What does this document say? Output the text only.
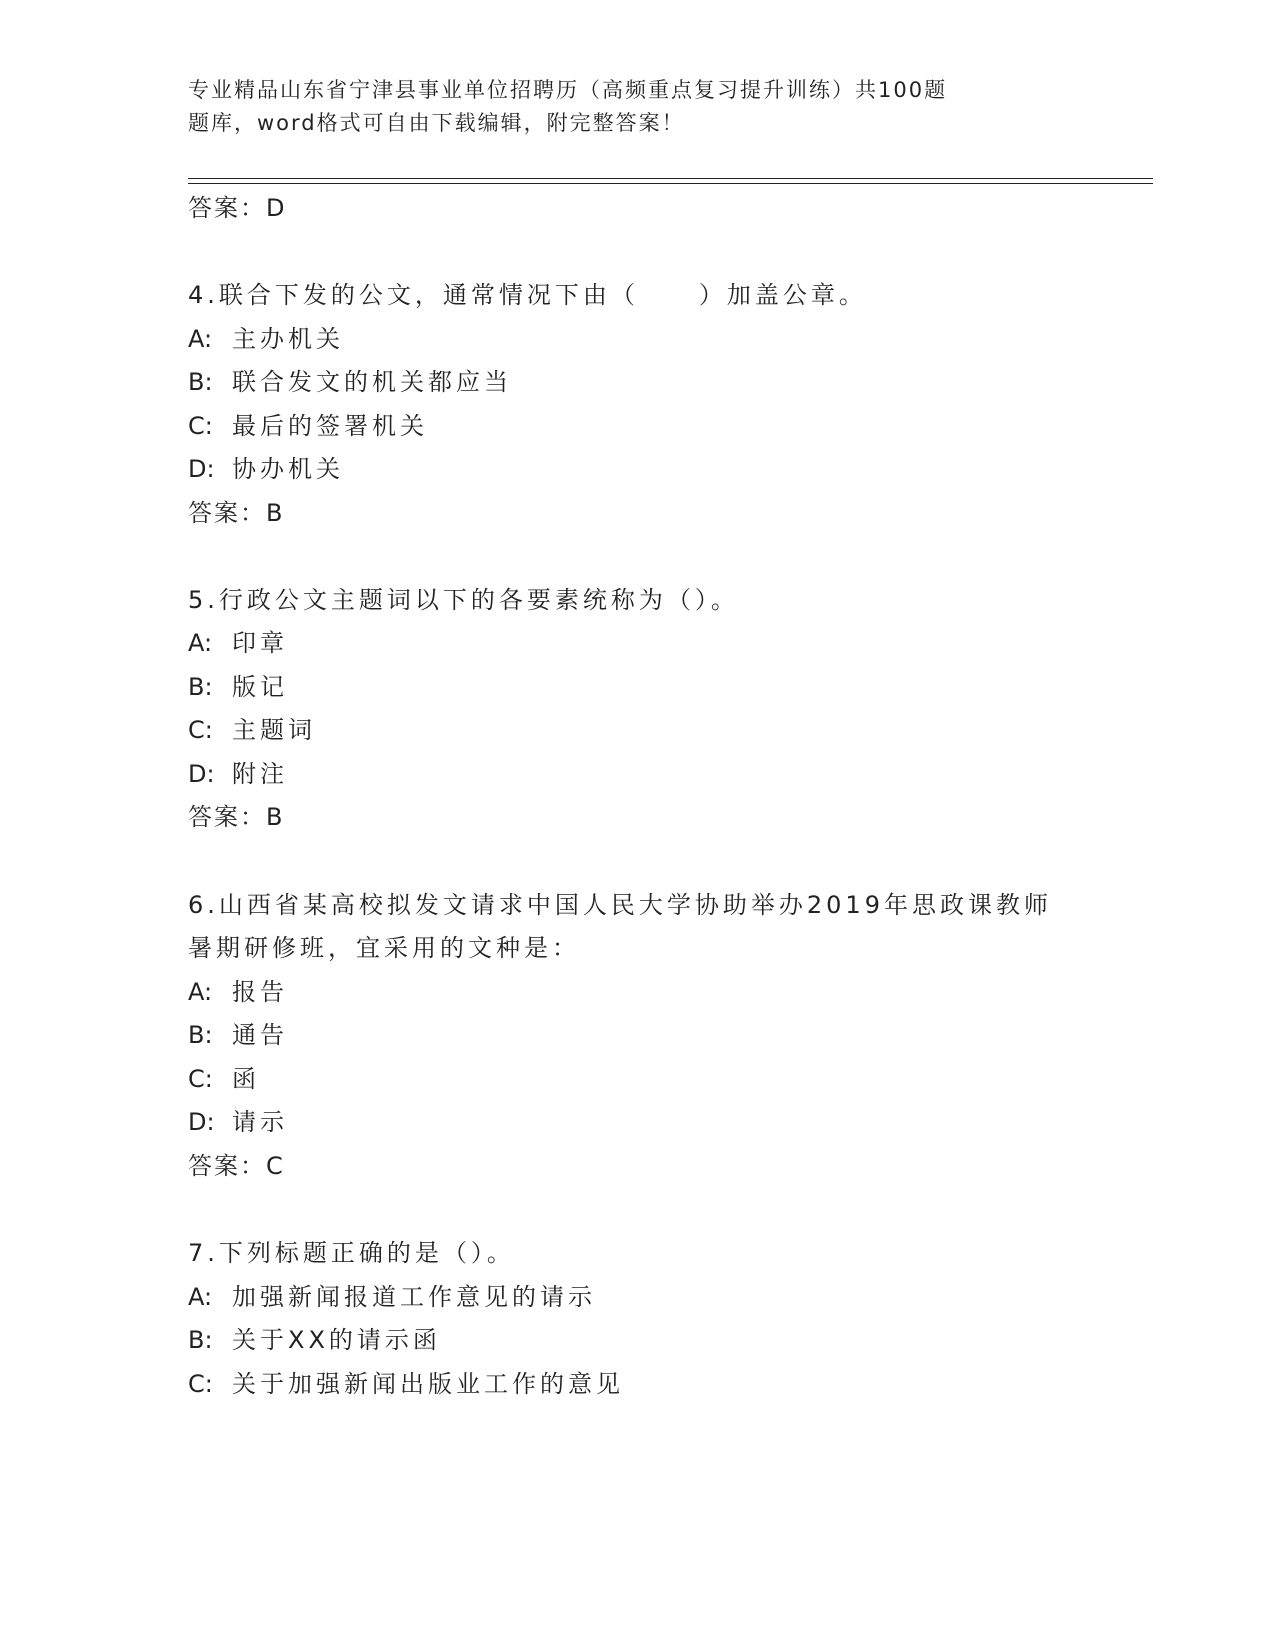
专业精品山东省宁津县事业单位招聘历（高频重点复习提升训练）共100题
题库，word格式可自由下载编辑，附完整答案！
答案：D
4.联合下发的公文，通常情况下由（	）加盖公章。
A: 主办机关
B: 联合发文的机关都应当
C: 最后的签署机关
D: 协办机关
答案：B
5.行政公文主题词以下的各要素统称为（）。
A: 印章
B: 版记
C: 主题词
D: 附注
答案：B
6.山西省某高校拟发文请求中国人民大学协助举办2019年思政课教师
暑期研修班，宜采用的文种是：
A: 报告
B: 通告
C: 函
D: 请示
答案：C
7.下列标题正确的是（）。
A: 加强新闻报道工作意见的请示
B: 关于XX的请示函
C: 关于加强新闻出版业工作的意见
